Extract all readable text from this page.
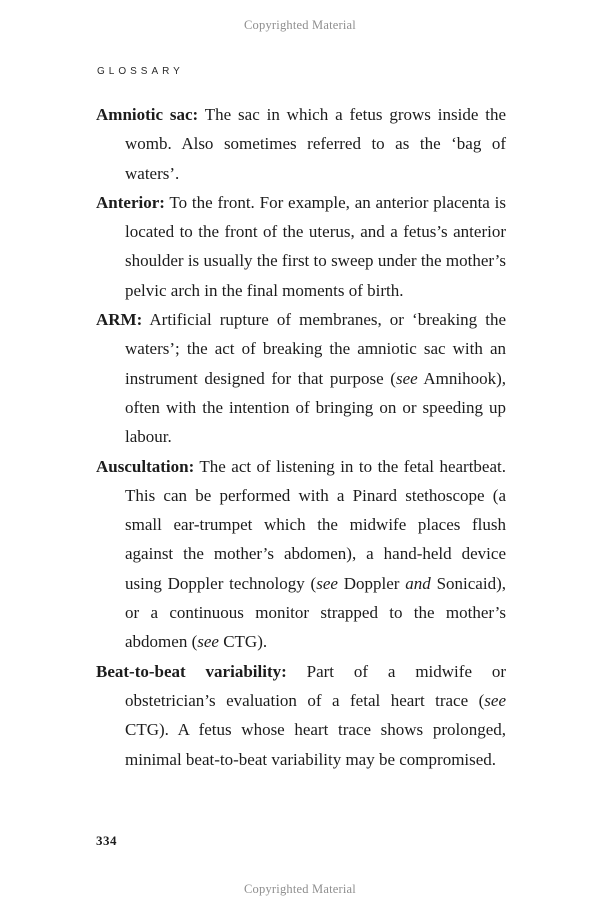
Copyrighted Material
GLOSSARY

Amniotic sac: The sac in which a fetus grows inside the womb. Also sometimes referred to as the ‘bag of waters’.

Anterior: To the front. For example, an anterior placenta is located to the front of the uterus, and a fetus’s anterior shoulder is usually the first to sweep under the mother’s pelvic arch in the final moments of birth.

ARM: Artificial rupture of membranes, or ‘breaking the waters’; the act of breaking the amniotic sac with an instrument designed for that purpose (see Amnihook), often with the intention of bringing on or speeding up labour.

Auscultation: The act of listening in to the fetal heartbeat. This can be performed with a Pinard stethoscope (a small ear-trumpet which the midwife places flush against the mother’s abdomen), a hand-held device using Doppler technology (see Doppler and Sonicaid), or a continuous monitor strapped to the mother’s abdomen (see CTG).

Beat-to-beat variability: Part of a midwife or obstetrician’s evaluation of a fetal heart trace (see CTG). A fetus whose heart trace shows prolonged, minimal beat-to-beat variability may be compromised.

334
Copyrighted Material
